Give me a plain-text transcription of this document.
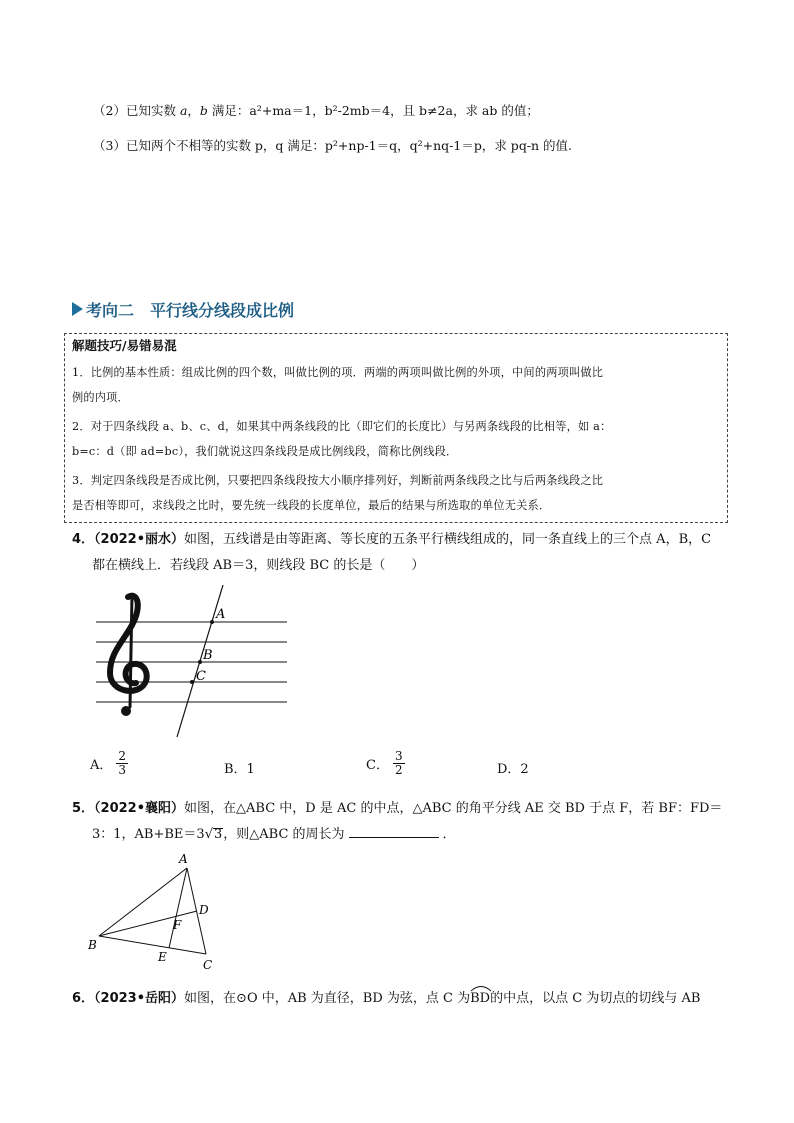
（2）已知实数 a，b 满足：a²+ma＝1，b²-2mb＝4，且 b≠2a，求 ab 的值；
（3）已知两个不相等的实数 p，q 满足：p²+np-1＝q，q²+nq-1＝p，求 pq-n 的值.
考向二　平行线分线段成比例
解题技巧/易错易混
1．比例的基本性质：组成比例的四个数，叫做比例的项．两端的两项叫做比例的外项，中间的两项叫做比
例的内项．
2．对于四条线段 a、b、c、d，如果其中两条线段的比（即它们的长度比）与另两条线段的比相等，如 a：
b=c：d（即 ad=bc），我们就说这四条线段是成比例线段，简称比例线段．
3．判定四条线段是否成比例，只要把四条线段按大小顺序排列好，判断前两条线段之比与后两条线段之比
是否相等即可，求线段之比时，要先统一线段的长度单位，最后的结果与所选取的单位无关系．
4．（2022•丽水）如图，五线谱是由等距离、等长度的五条平行横线组成的，同一条直线上的三个点 A，B，C
都在横线上．若线段 AB＝3，则线段 BC 的长是（　　）
A
B
C
A． $\frac{2}{3}$	B．1	C． $\frac{3}{2}$	D．2
5．（2022•襄阳）如图，在△ABC 中，D 是 AC 的中点，△ABC 的角平分线 AE 交 BD 于点 F，若 BF：FD＝
3：1，AB+BE＝3√3，则△ABC 的周长为	．
A
B
C
D
E
F
6．（2023•岳阳）如图，在⊙O 中，AB 为直径，BD 为弦，点 C 为
BD的中点，以点 C 为切点的切线与 AB
